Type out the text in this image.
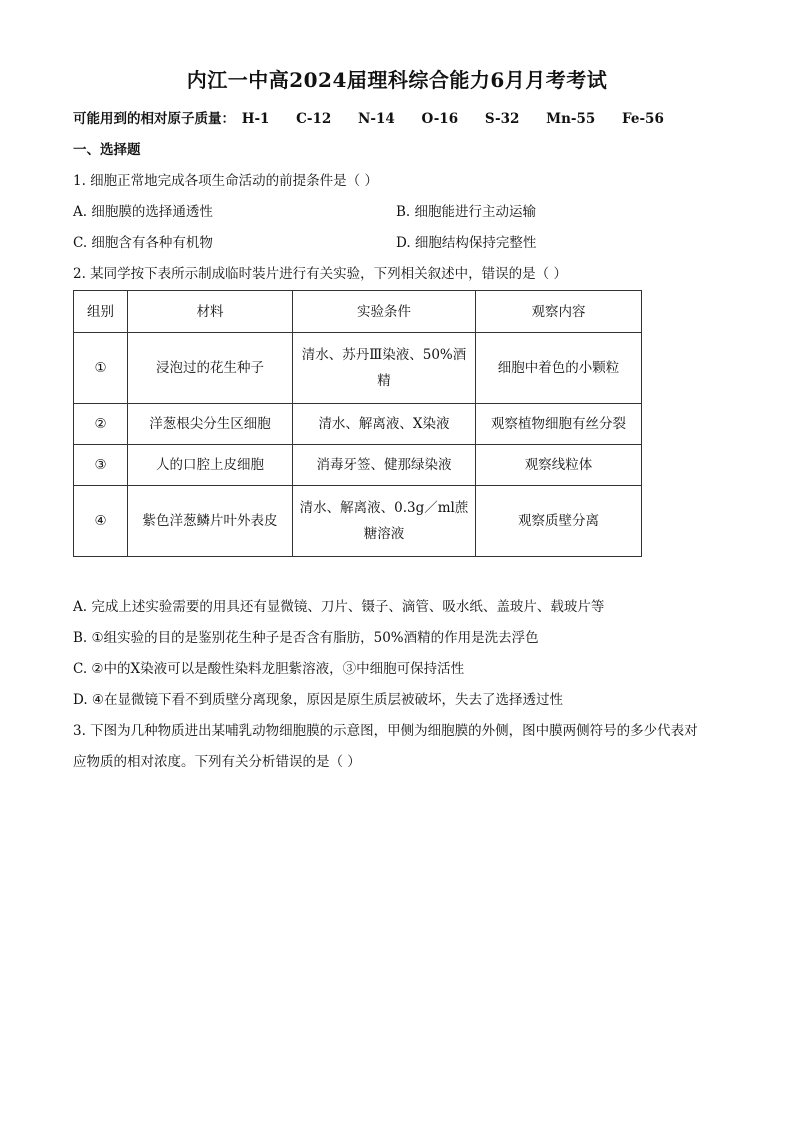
内江一中高2024届理科综合能力6月月考考试
可能用到的相对原子质量： H-1 C-12 N-14 O-16 S-32 Mn-55 Fe-56
一、选择题
1. 细胞正常地完成各项生命活动的前提条件是（ ）
A. 细胞膜的选择通透性	B. 细胞能进行主动运输
C. 细胞含有各种有机物	D. 细胞结构保持完整性
2. 某同学按下表所示制成临时装片进行有关实验，下列相关叙述中，错误的是（ ）
组别	材料	实验条件	观察内容
①	浸泡过的花生种子	清水、苏丹Ⅲ染液、50%酒精	细胞中着色的小颗粒
②	洋葱根尖分生区细胞	清水、解离液、X染液	观察植物细胞有丝分裂
③	人的口腔上皮细胞	消毒牙签、健那绿染液	观察线粒体
④	紫色洋葱鳞片叶外表皮	清水、解离液、0.3g／ml蔗糖溶液	观察质壁分离
A. 完成上述实验需要的用具还有显微镜、刀片、镊子、滴管、吸水纸、盖玻片、载玻片等
B. ①组实验的目的是鉴别花生种子是否含有脂肪，50%酒精的作用是洗去浮色
C. ②中的X染液可以是酸性染料龙胆紫溶液，③中细胞可保持活性
D. ④在显微镜下看不到质壁分离现象，原因是原生质层被破坏，失去了选择透过性
3. 下图为几种物质进出某哺乳动物细胞膜的示意图，甲侧为细胞膜的外侧，图中膜两侧符号的多少代表对
应物质的相对浓度。下列有关分析错误的是（ ）
